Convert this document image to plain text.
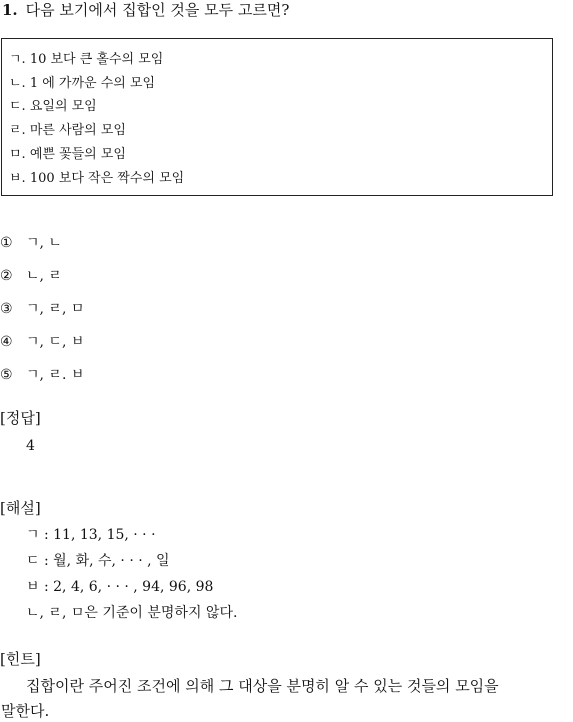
1. 다음 보기에서 집합인 것을 모두 고르면?
ㄱ. 10 보다 큰 홀수의 모임
ㄴ. 1 에 가까운 수의 모임
ㄷ. 요일의 모임
ㄹ. 마른 사람의 모임
ㅁ. 예쁜 꽃들의 모임
ㅂ. 100 보다 작은 짝수의 모임
① ㄱ, ㄴ
② ㄴ, ㄹ
③ ㄱ, ㄹ, ㅁ
④ ㄱ, ㄷ, ㅂ
⑤ ㄱ, ㄹ. ㅂ
[정답]
4
[해설]
ㄱ : 11, 13, 15, · · ·
ㄷ : 월, 화, 수, · · · , 일
ㅂ : 2, 4, 6, · · · , 94, 96, 98
ㄴ, ㄹ, ㅁ은 기준이 분명하지 않다.
[힌트]
집합이란 주어진 조건에 의해 그 대상을 분명히 알 수 있는 것들의 모임을
말한다.
